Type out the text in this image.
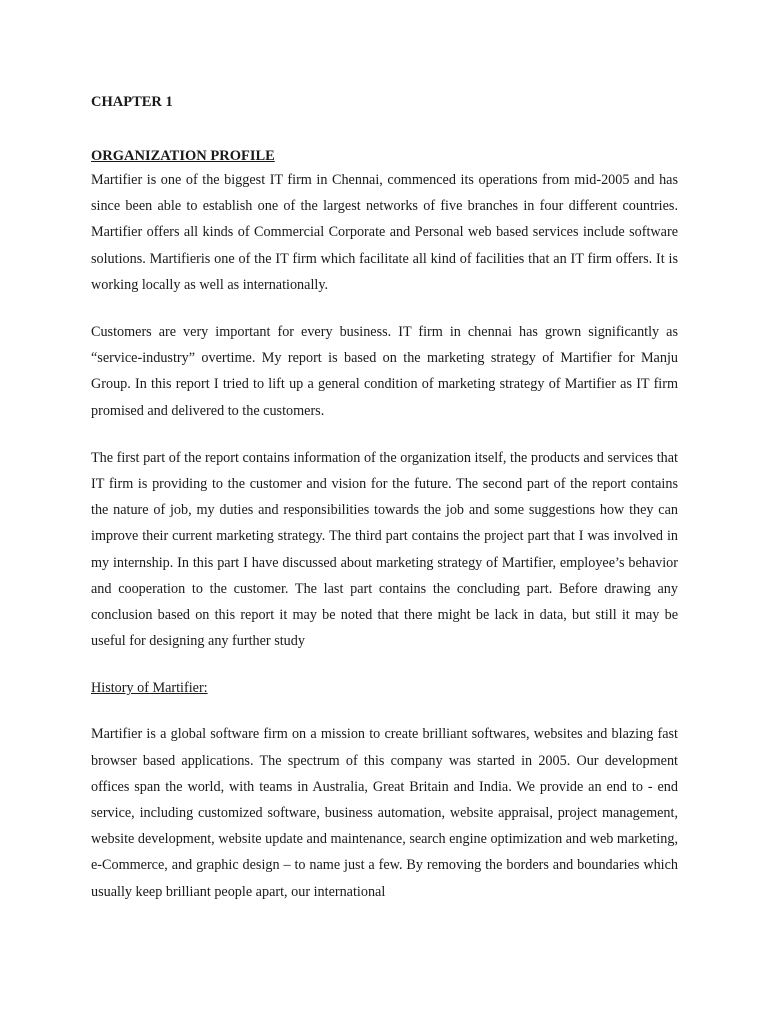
CHAPTER 1
ORGANIZATION PROFILE

Martifier is one of the biggest IT firm in Chennai, commenced its operations from mid-2005 and has since been able to establish one of the largest networks of five branches in four different countries. Martifier offers all kinds of Commercial Corporate and Personal web based services include software solutions. Martifieris one of the IT firm which facilitate all kind of facilities that an IT firm offers. It is working locally as well as internationally.

Customers are very important for every business. IT firm in chennai has grown significantly as “service-industry” overtime. My report is based on the marketing strategy of Martifier for Manju Group. In this report I tried to lift up a general condition of marketing strategy of Martifier as IT firm promised and delivered to the customers.

The first part of the report contains information of the organization itself, the products and services that IT firm is providing to the customer and vision for the future. The second part of the report contains the nature of job, my duties and responsibilities towards the job and some suggestions how they can improve their current marketing strategy. The third part contains the project part that I was involved in my internship. In this part I have discussed about marketing strategy of Martifier, employee’s behavior and cooperation to the customer. The last part contains the concluding part. Before drawing any conclusion based on this report it may be noted that there might be lack in data, but still it may be useful for designing any further study

History of Martifier:

Martifier is a global software firm on a mission to create brilliant softwares, websites and blazing fast browser based applications. The spectrum of this company was started in 2005. Our development offices span the world, with teams in Australia, Great Britain and India. We provide an end to - end service, including customized software, business automation, website appraisal, project management, website development, website update and maintenance, search engine optimization and web marketing, e-Commerce, and graphic design – to name just a few. By removing the borders and boundaries which usually keep brilliant people apart, our international
